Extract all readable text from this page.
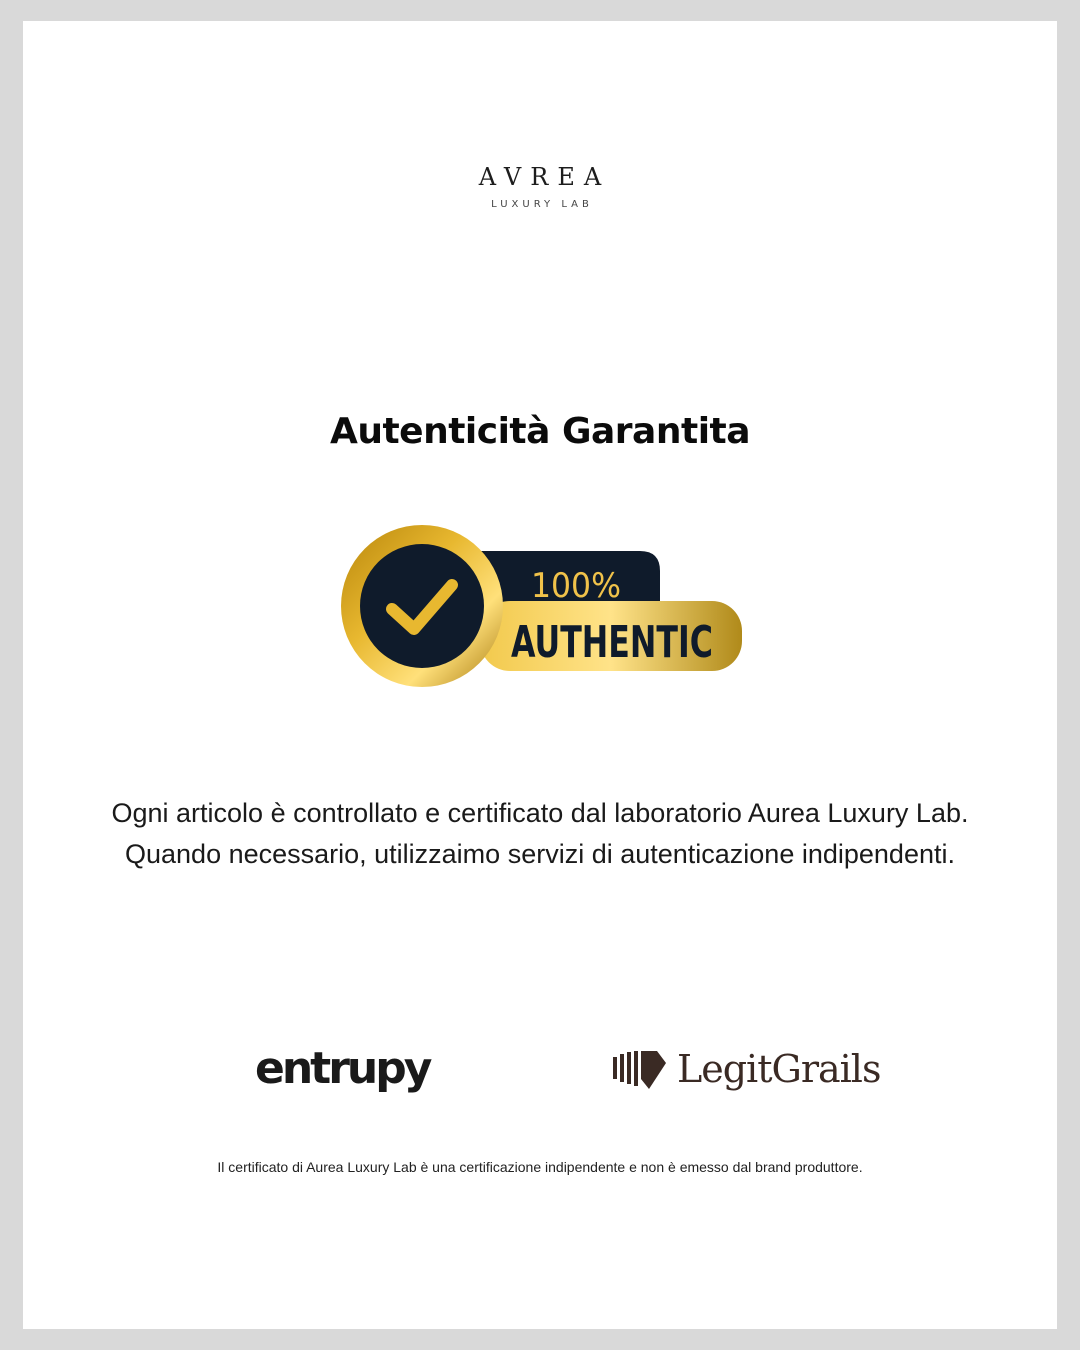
AVREA
LUXURY LAB
Autenticità Garantita
100%
AUTHENTIC
Ogni articolo è controllato e certificato dal laboratorio Aurea Luxury Lab. Quando necessario, utilizzaimo servizi di autenticazione indipendenti.
entrupy	LegitGrails
Il certificato di Aurea Luxury Lab è una certificazione indipendente e non è emesso dal brand produttore.
